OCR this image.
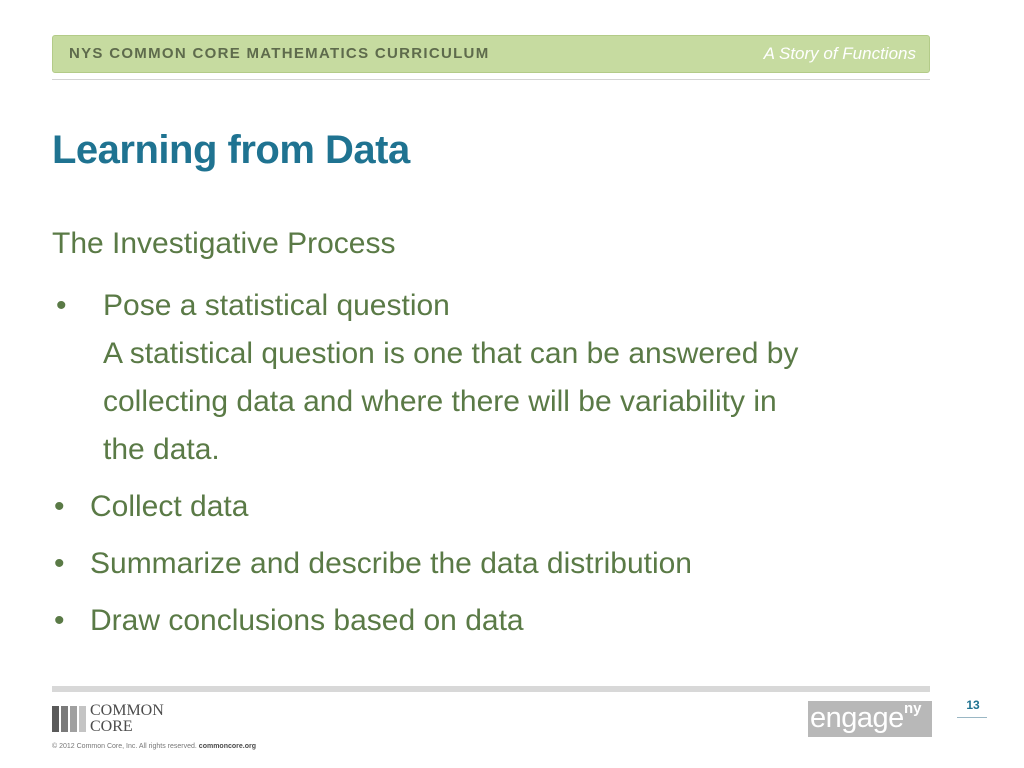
NYS COMMON CORE MATHEMATICS CURRICULUM	A Story of Functions
Learning from Data
The Investigative Process
• Pose a statistical question
A statistical question is one that can be answered by
collecting data and where there will be variability in
the data.
• Collect data
• Summarize and describe the data distribution
• Draw conclusions based on data
COMMON
CORE
© 2012 Common Core, Inc. All rights reserved. commoncore.org
engage ny	13
